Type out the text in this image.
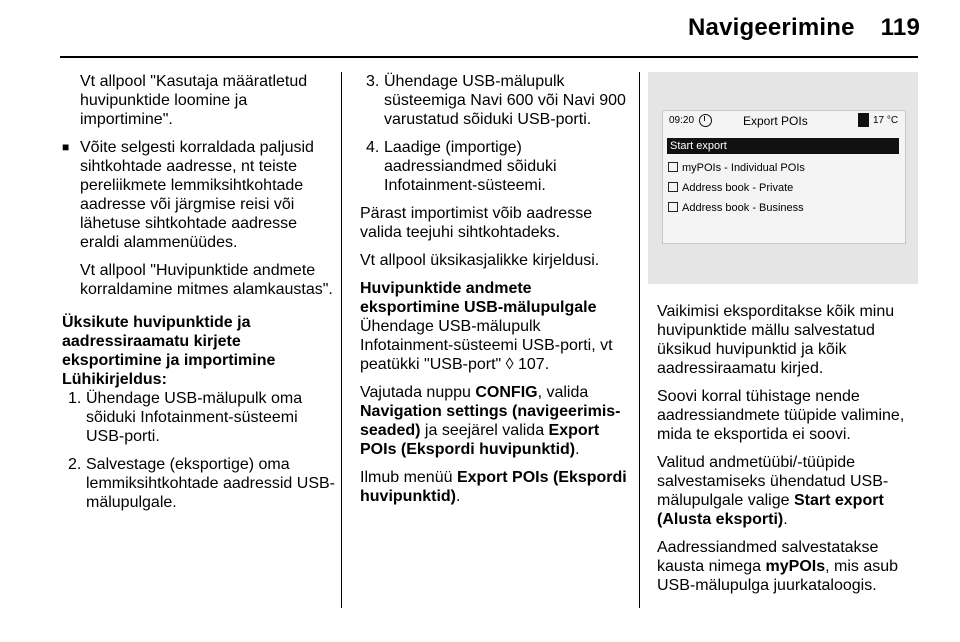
Navigeerimine 119

Vt allpool "Kasutaja määratletud huvipunktide loomine ja importimine".

■ Võite selgesti korraldada paljusid sihtkohtade aadresse, nt teiste pereliikmete lemmiksihtkohtade aadresse või järgmise reisi või lähetuse sihtkohtade aadresse eraldi alammenüüdes.

Vt allpool "Huvipunktide andmete korraldamine mitmes alamkaustas".

Üksikute huvipunktide ja aadressiraamatu kirjete eksportimine ja importimine

Lühikirjeldus:

1. Ühendage USB-mälupulk oma sõiduki Infotainment-süsteemi USB-porti.
2. Salvestage (eksportige) oma lemmiksihtkohtade aadressid USB-mälupulgale.
3. Ühendage USB-mälupulk süsteemiga Navi 600 või Navi 900 varustatud sõiduki USB-porti.
4. Laadige (importige) aadressiandmed sõiduki Infotainment-süsteemi.

Pärast importimist võib aadresse valida teejuhi sihtkohtadeks.

Vt allpool üksikasjalikke kirjeldusi.

Huvipunktide andmete eksportimine USB-mälupulgale

Ühendage USB-mälupulk Infotainment-süsteemi USB-porti, vt peatükki "USB-port" ◊ 107.

Vajutada nuppu CONFIG, valida Navigation settings (navigeerimis-seaded) ja seejärel valida Export POIs (Ekspordi huvipunktid).

Ilmub menüü Export POIs (Ekspordi huvipunktid).

09:20	Export POIs	17 °C
Start export
myPOIs - Individual POIs
Address book - Private
Address book - Business

Vaikimisi eksporditakse kõik minu huvipunktide mällu salvestatud üksikud huvipunktid ja kõik aadressiraamatu kirjed.

Soovi korral tühistage nende aadressiandmete tüüpide valimine, mida te eksportida ei soovi.

Valitud andmetüübi/-tüüpide salvestamiseks ühendatud USB-mälupulgale valige Start export (Alusta eksporti).

Aadressiandmed salvestatakse kausta nimega myPOIs, mis asub USB-mälupulga juurkataloogis.
